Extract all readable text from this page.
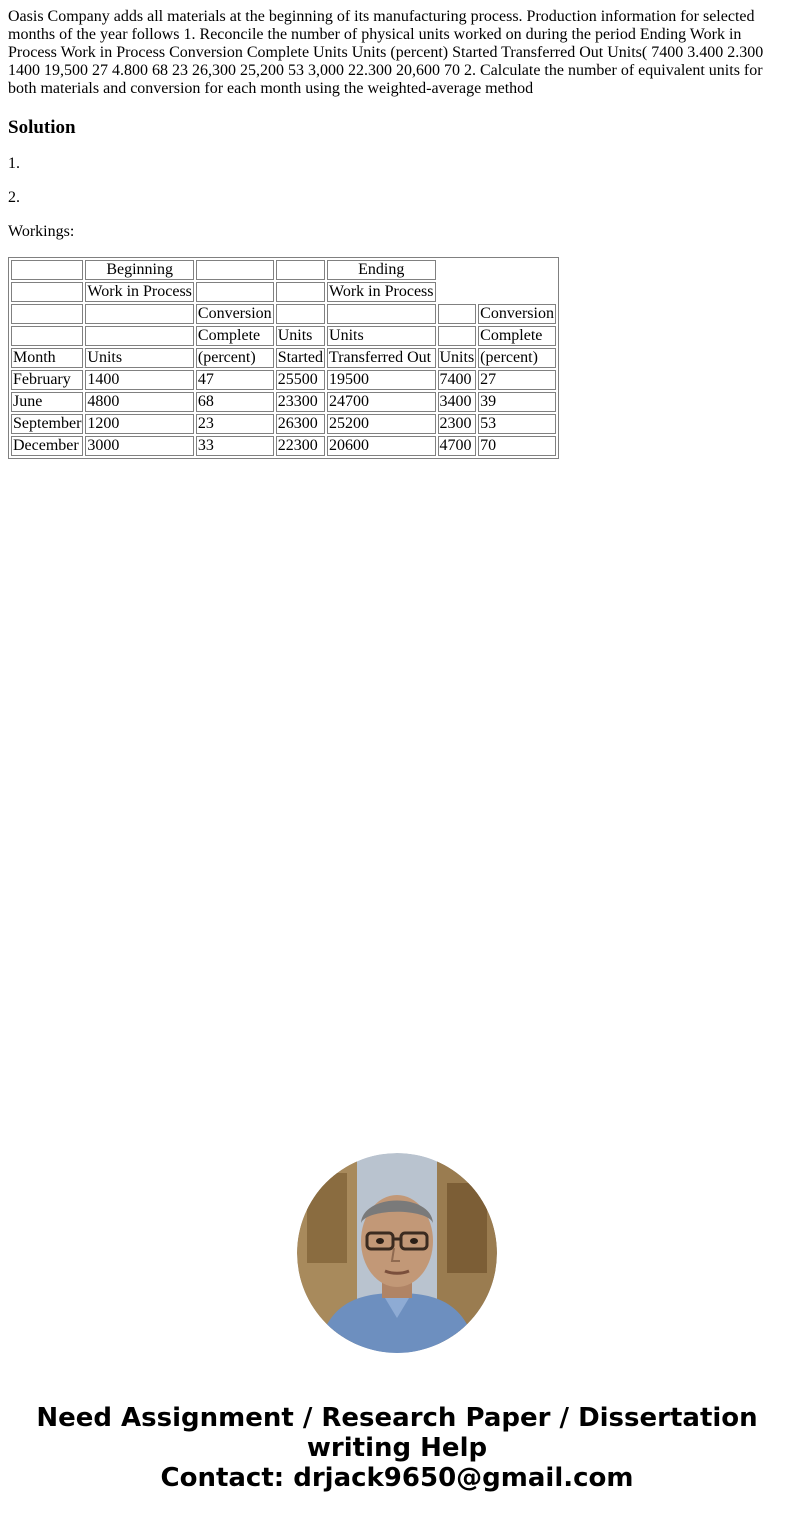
Oasis Company adds all materials at the beginning of its manufacturing process. Production information for selected months of the year follows 1. Reconcile the number of physical units worked on during the period Ending Work in Process Work in Process Conversion Complete Units Units (percent) Started Transferred Out Units( 7400 3.400 2.300 1400 19,500 27 4.800 68 23 26,300 25,200 53 3,000 22.300 20,600 70 2. Calculate the number of equivalent units for both materials and conversion for each month using the weighted-average method
Solution

1.

2.

Workings:

	Beginning			Ending		
	Work in Process			Work in Process		
		Conversion				Conversion
		Complete	Units	Units		Complete
Month	Units	(percent)	Started	Transferred Out	Units	(percent)
February	1400	47	25500	19500	7400	27
June	4800	68	23300	24700	3400	39
September	1200	23	26300	25200	2300	53
December	3000	33	22300	20600	4700	70
Need Assignment / Research Paper / Dissertation
writing Help
Contact: drjack9650@gmail.com
